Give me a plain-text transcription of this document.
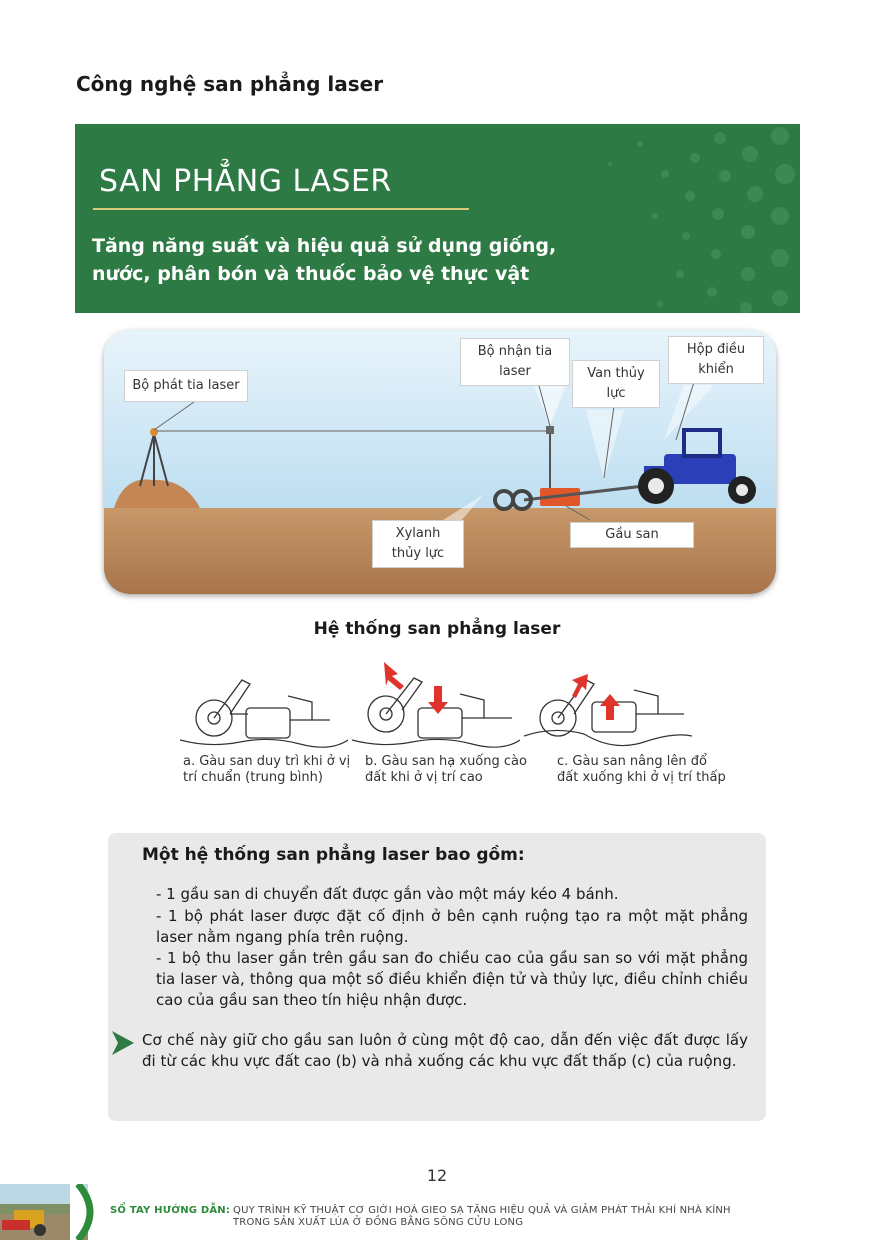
Công nghệ san phẳng laser
SAN PHẲNG LASER
Tăng năng suất và hiệu quả sử dụng giống,
nước, phân bón và thuốc bảo vệ thực vật
Bộ phát tia laser
Bộ nhận tia
laser	Van thủy
lực
Hộp điều
khiển
Xylanh
thủy lực
Gầu san
Hệ thống san phẳng laser
a. Gàu san duy trì khi ở vị trí chuẩn (trung bình)
b. Gàu san hạ xuống cào đất khi ở vị trí cao
c. Gàu san nâng lên đổ đất xuống khi ở vị trí thấp
Một hệ thống san phẳng laser bao gồm:
- 1 gầu san di chuyển đất được gắn vào một máy kéo 4 bánh.
- 1 bộ phát laser được đặt cố định ở bên cạnh ruộng tạo ra một mặt phẳng laser nằm ngang phía trên ruộng.
- 1 bộ thu laser gắn trên gầu san đo chiều cao của gầu san so với mặt phẳng tia laser và, thông qua một số điều khiển điện tử và thủy lực, điều chỉnh chiều cao của gầu san theo tín hiệu nhận được.
Cơ chế này giữ cho gầu san luôn ở cùng một độ cao, dẫn đến việc đất được lấy đi từ các khu vực đất cao (b) và nhả xuống các khu vực đất thấp (c) của ruộng.
12
SỔ TAY HƯỚNG DẪN: QUY TRÌNH KỸ THUẬT CƠ GIỚI HOÁ GIEO SẠ TĂNG HIỆU QUẢ VÀ GIẢM PHÁT THẢI KHÍ NHÀ KÍNH
TRONG SẢN XUẤT LÚA Ở ĐỒNG BẰNG SÔNG CỬU LONG
